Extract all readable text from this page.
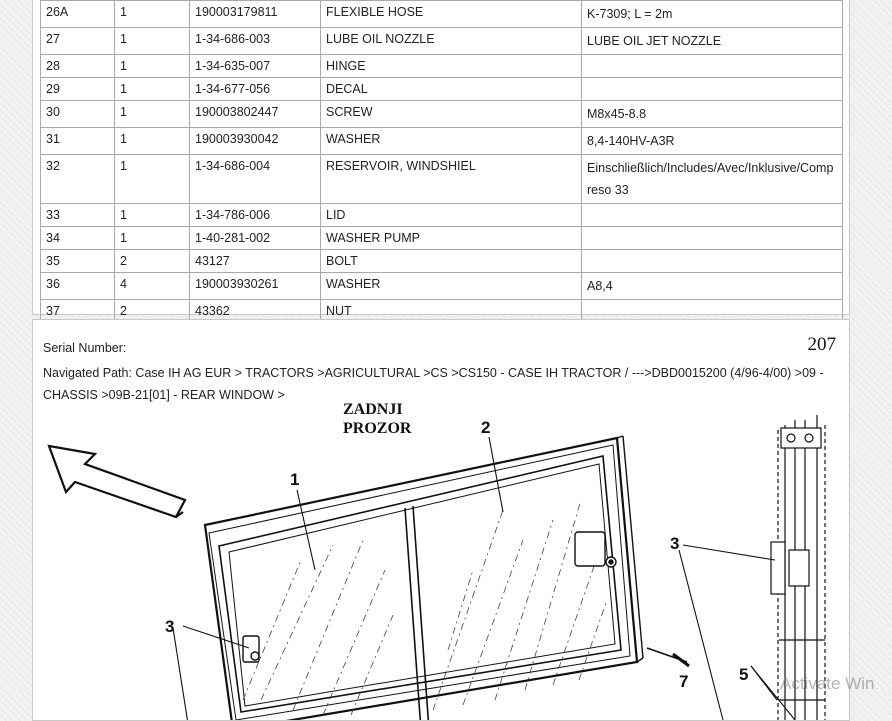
26A	1	190003179811	FLEXIBLE HOSE	K-7309; L = 2m
27	1	1-34-686-003	LUBE OIL NOZZLE	LUBE OIL JET NOZZLE
28	1	1-34-635-007	HINGE	
29	1	1-34-677-056	DECAL	
30	1	190003802447	SCREW	M8x45-8.8
31	1	190003930042	WASHER	8,4-140HV-A3R
32	1	1-34-686-004	RESERVOIR, WINDSHIEL	Einschließlich/Includes/Avec/Inklusive/Compreso 33
33	1	1-34-786-006	LID	
34	1	1-40-281-002	WASHER PUMP	
35	2	43127	BOLT	
36	4	190003930261	WASHER	A8,4
37	2	43362	NUT	
Serial Number:	207
Navigated Path: Case IH AG EUR > TRACTORS >AGRICULTURAL >CS >CS150 - CASE IH TRACTOR / --->DBD0015200 (4/96-4/00) >09 - CHASSIS >09B-21[01] - REAR WINDOW >
ZADNJI
PROZOR
1
2
3
3
5
7	Activate Win
